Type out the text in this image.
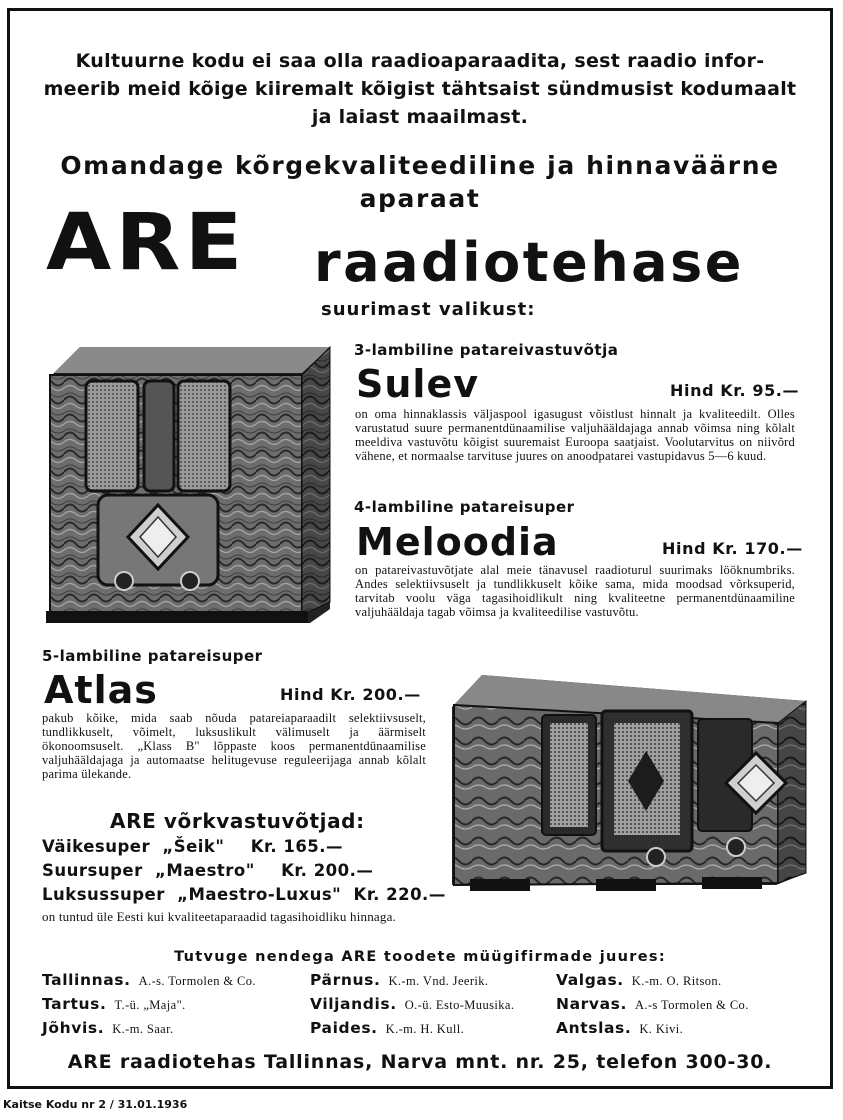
Kultuurne kodu ei saa olla raadioaparaadita, sest raadio infor-
meerib meid kõige kiiremalt kõigist tähtsaist sündmusist kodumaalt
ja laiast maailmast.
Omandage kõrgekvaliteediline ja hinnaväärne
aparaat
ARE raadiotehase
suurimast valikust:
3-lambiline patareivastuvõtja
Sulev	Hind Kr. 95.—
on oma hinnaklassis väljaspool igasugust võistlust hinnalt ja kvaliteedilt. Olles varustatud suure permanentdünaamilise valjuhääldajaga annab võimsa ning kõlalt meeldiva vastuvõtu kõigist suuremaist Euroopa saatjaist. Voolutarvitus on niivõrd vähene, et normaalse tarvituse juures on anoodpatarei vastupidavus 5—6 kuud.
4-lambiline patareisuper
Meloodia	Hind Kr. 170.—
on patareivastuvõtjate alal meie tänavusel raadioturul suurimaks lööknumbriks. Andes selektiivsuselt ja tundlikkuselt kõike sama, mida moodsad võrksuperid, tarvitab voolu väga tagasihoidlikult ning kvaliteetne permanentdünaamiline valjuhääldaja tagab võimsa ja kvaliteedilise vastuvõtu.
5-lambiline patareisuper
Atlas	Hind Kr. 200.—
pakub kõike, mida saab nõuda patareiaparaadilt selektiivsuselt, tundlikkuselt, võimelt, luksuslikult välimuselt ja äärmiselt ökonoomsuselt. „Klass B" lõppaste koos permanentdünaamilise valjuhääldajaga ja automaatse helitugevuse reguleerijaga annab kõlalt parima ülekande.
ARE võrkvastuvõtjad:
Väikesuper „Šeik" Kr. 165.—
Suursuper „Maestro" Kr. 200.—
Luksussuper „Maestro-Luxus" Kr. 220.—
on tuntud üle Eesti kui kvaliteetaparaadid tagasihoidliku hinnaga.
Tutvuge nendega ARE toodete müügifirmade juures:
Tallinnas. A.-s. Tormolen & Co.
Tartus. T.-ü. „Maja".
Jõhvis. K.-m. Saar.
Pärnus. K.-m. Vnd. Jeerik.
Viljandis. O.-ü. Esto-Muusika.
Paides. K.-m. H. Kull.
Valgas. K.-m. O. Ritson.
Narvas. A.-s Tormolen & Co.
Antslas. K. Kivi.
ARE raadiotehas Tallinnas, Narva mnt. nr. 25, telefon 300-30.
Kaitse Kodu nr 2 / 31.01.1936
